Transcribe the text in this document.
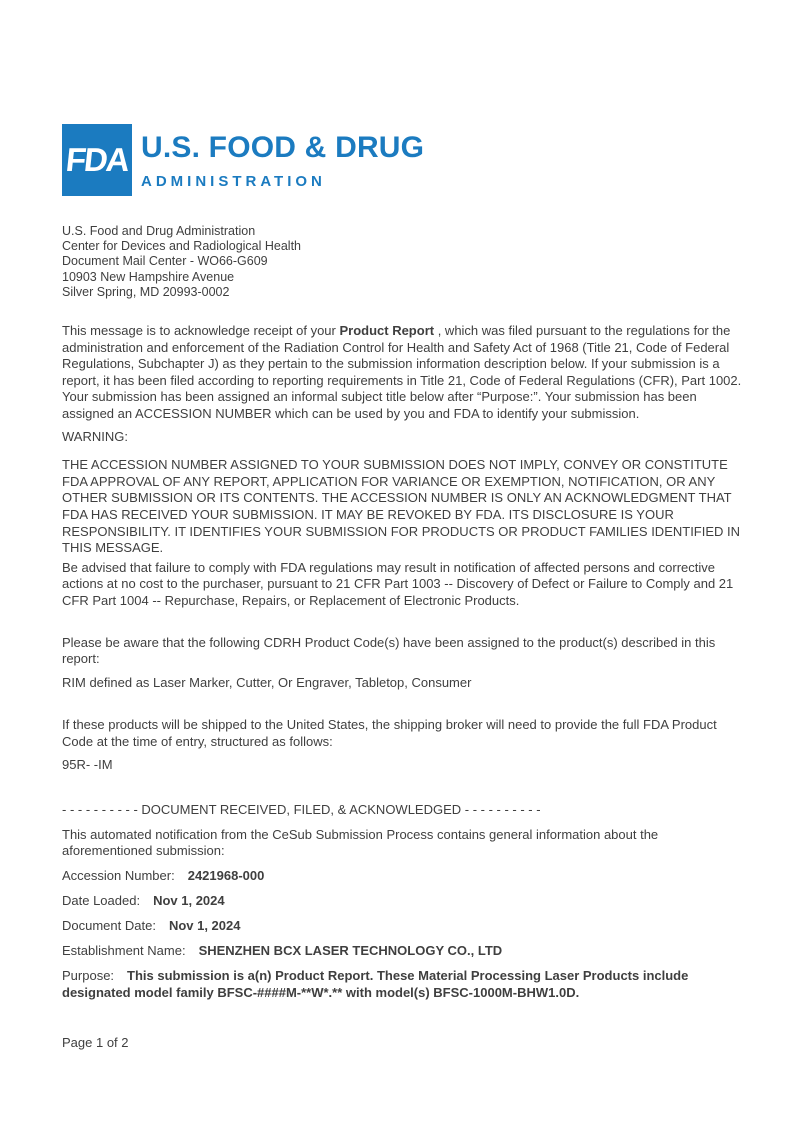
FDA U.S. FOOD & DRUG
ADMINISTRATION
U.S. Food and Drug Administration
Center for Devices and Radiological Health
Document Mail Center - WO66-G609
10903 New Hampshire Avenue
Silver Spring, MD 20993-0002

This message is to acknowledge receipt of your Product Report , which was filed pursuant to the regulations for the administration and enforcement of the Radiation Control for Health and Safety Act of 1968 (Title 21, Code of Federal Regulations, Subchapter J) as they pertain to the submission information description below. If your submission is a report, it has been filed according to reporting requirements in Title 21, Code of Federal Regulations (CFR), Part 1002. Your submission has been assigned an informal subject title below after “Purpose:”. Your submission has been assigned an ACCESSION NUMBER which can be used by you and FDA to identify your submission.

WARNING:

THE ACCESSION NUMBER ASSIGNED TO YOUR SUBMISSION DOES NOT IMPLY, CONVEY OR CONSTITUTE FDA APPROVAL OF ANY REPORT, APPLICATION FOR VARIANCE OR EXEMPTION, NOTIFICATION, OR ANY OTHER SUBMISSION OR ITS CONTENTS. THE ACCESSION NUMBER IS ONLY AN ACKNOWLEDGMENT THAT FDA HAS RECEIVED YOUR SUBMISSION. IT MAY BE REVOKED BY FDA. ITS DISCLOSURE IS YOUR RESPONSIBILITY. IT IDENTIFIES YOUR SUBMISSION FOR PRODUCTS OR PRODUCT FAMILIES IDENTIFIED IN THIS MESSAGE.

Be advised that failure to comply with FDA regulations may result in notification of affected persons and corrective actions at no cost to the purchaser, pursuant to 21 CFR Part 1003 -- Discovery of Defect or Failure to Comply and 21 CFR Part 1004 -- Repurchase, Repairs, or Replacement of Electronic Products.

Please be aware that the following CDRH Product Code(s) have been assigned to the product(s) described in this report:

RIM defined as Laser Marker, Cutter, Or Engraver, Tabletop, Consumer

If these products will be shipped to the United States, the shipping broker will need to provide the full FDA Product Code at the time of entry, structured as follows:

95R- -IM

- - - - - - - - - - DOCUMENT RECEIVED, FILED, & ACKNOWLEDGED - - - - - - - - - -

This automated notification from the CeSub Submission Process contains general information about the aforementioned submission:

Accession Number: 2421968-000

Date Loaded: Nov 1, 2024

Document Date: Nov 1, 2024

Establishment Name: SHENZHEN BCX LASER TECHNOLOGY CO., LTD

Purpose: This submission is a(n) Product Report. These Material Processing Laser Products include designated model family BFSC-####M-**W*.** with model(s) BFSC-1000M-BHW1.0D.

Page 1 of 2
